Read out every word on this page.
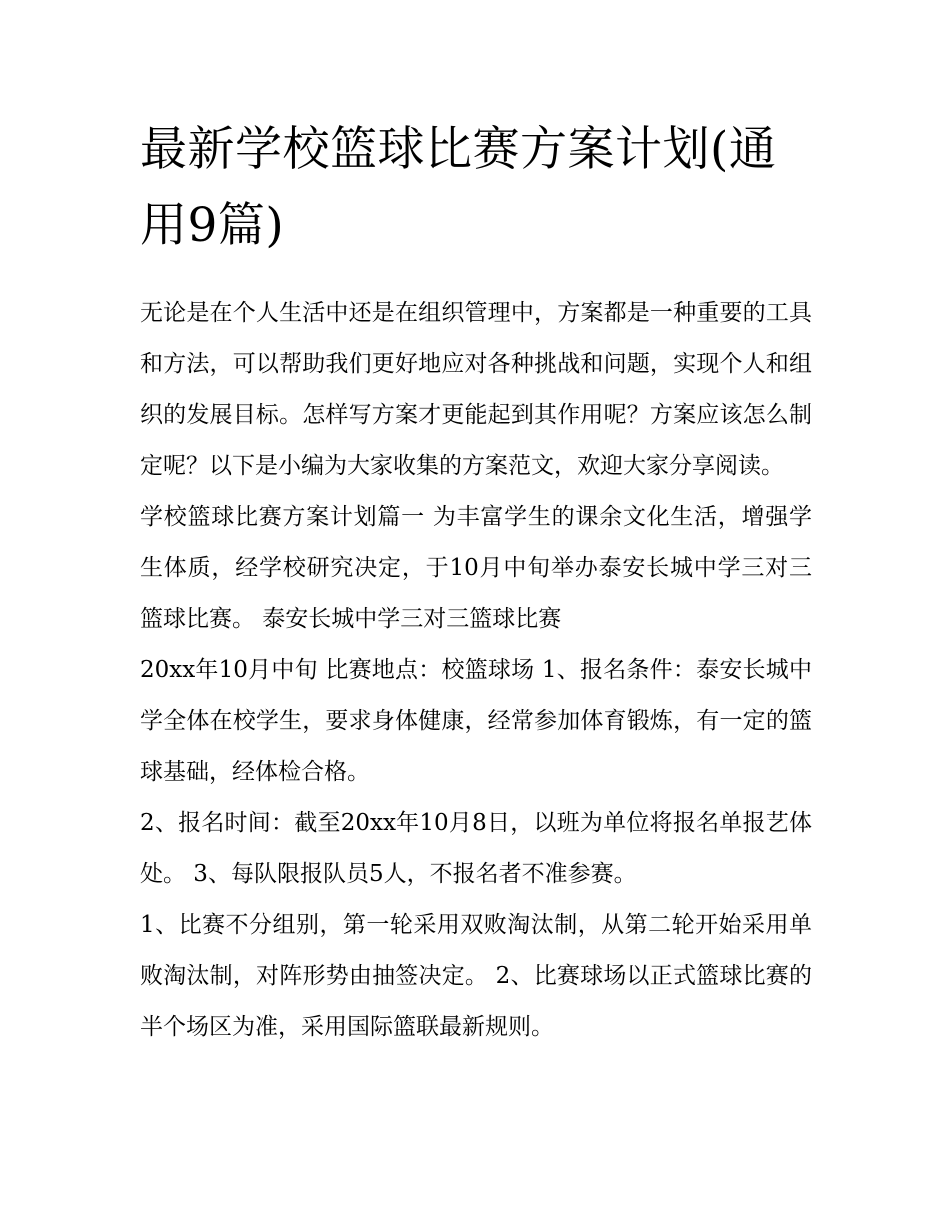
最新学校篮球比赛方案计划(通用9篇)

无论是在个人生活中还是在组织管理中，方案都是一种重要的工具和方法，可以帮助我们更好地应对各种挑战和问题，实现个人和组织的发展目标。怎样写方案才更能起到其作用呢？方案应该怎么制定呢？以下是小编为大家收集的方案范文，欢迎大家分享阅读。

学校篮球比赛方案计划篇一 为丰富学生的课余文化生活，增强学生体质，经学校研究决定，于10月中旬举办泰安长城中学三对三篮球比赛。 泰安长城中学三对三篮球比赛

20xx年10月中旬 比赛地点：校篮球场 1、报名条件：泰安长城中学全体在校学生，要求身体健康，经常参加体育锻炼，有一定的篮球基础，经体检合格。

2、报名时间：截至20xx年10月8日，以班为单位将报名单报艺体处。 3、每队限报队员5人，不报名者不准参赛。

1、比赛不分组别，第一轮采用双败淘汰制，从第二轮开始采用单败淘汰制，对阵形势由抽签决定。 2、比赛球场以正式篮球比赛的半个场区为准，采用国际篮联最新规则。
